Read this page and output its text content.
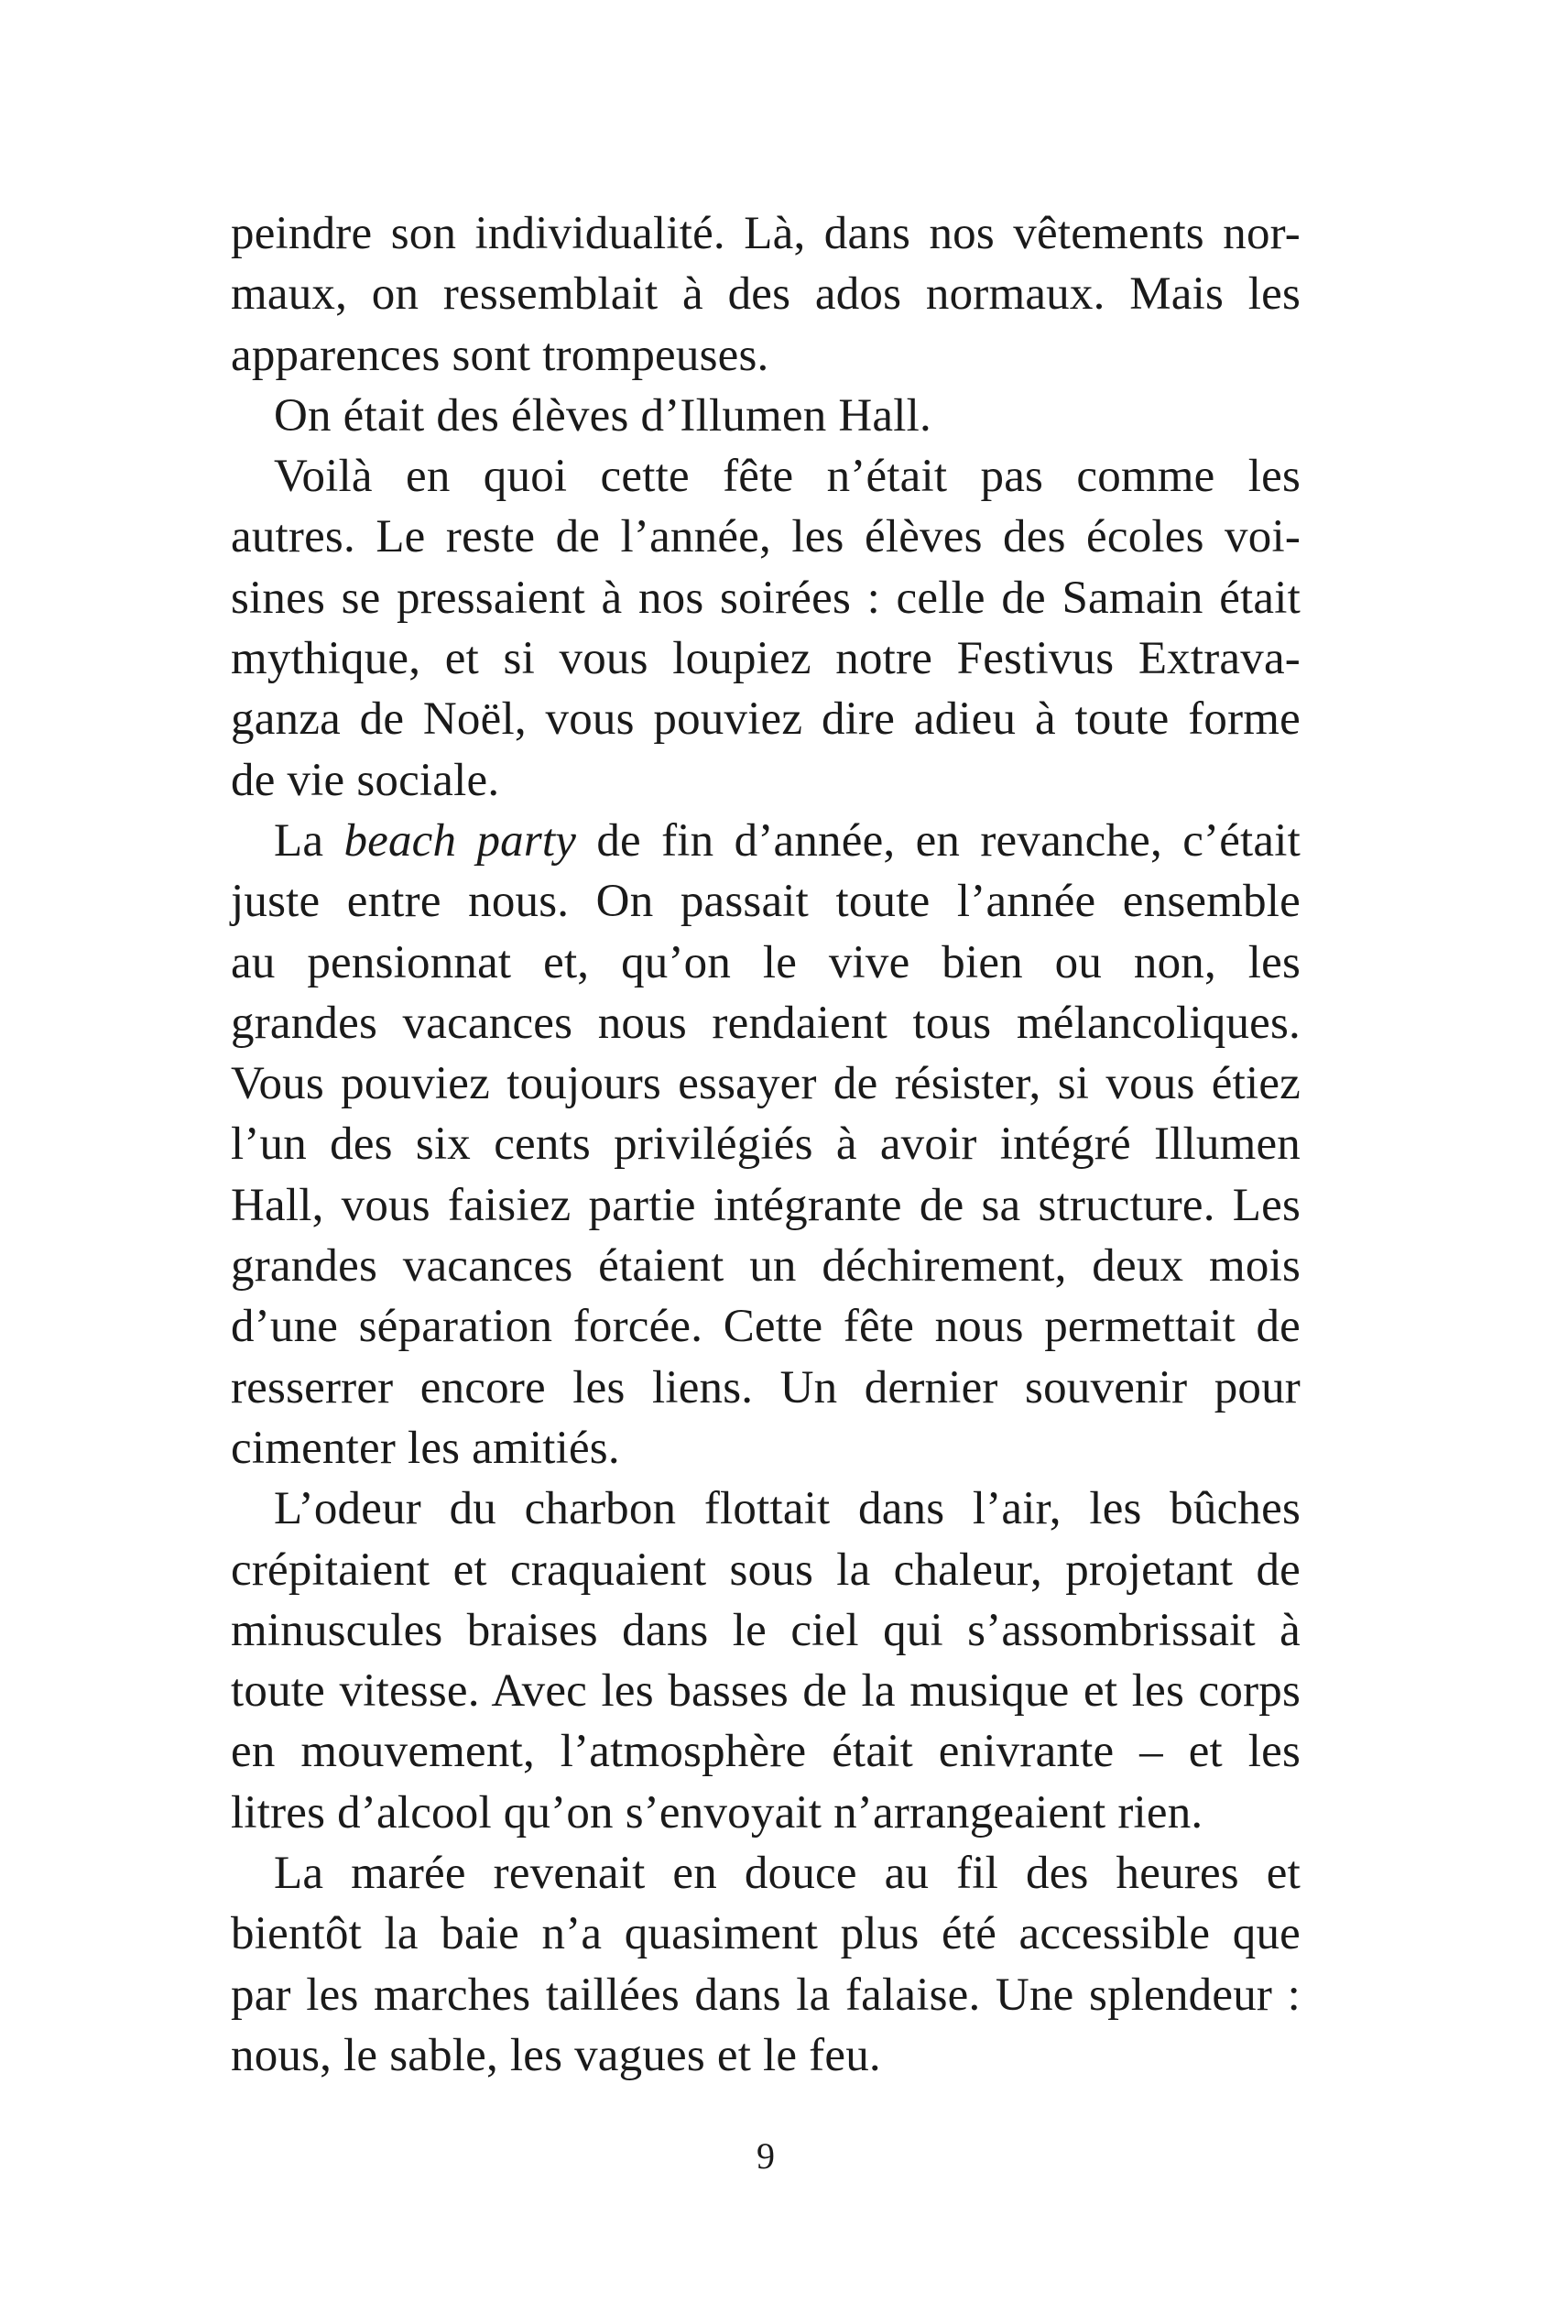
peindre son individualité. Là, dans nos vêtements nor-
maux, on ressemblait à des ados normaux. Mais les
apparences sont trompeuses.
On était des élèves d’Illumen Hall.
Voilà en quoi cette fête n’était pas comme les
autres. Le reste de l’année, les élèves des écoles voi-
sines se pressaient à nos soirées : celle de Samain était
mythique, et si vous loupiez notre Festivus Extrava-
ganza de Noël, vous pouviez dire adieu à toute forme
de vie sociale.
La beach party de fin d’année, en revanche, c’était
juste entre nous. On passait toute l’année ensemble
au pensionnat et, qu’on le vive bien ou non, les
grandes vacances nous rendaient tous mélancoliques.
Vous pouviez toujours essayer de résister, si vous étiez
l’un des six cents privilégiés à avoir intégré Illumen
Hall, vous faisiez partie intégrante de sa structure. Les
grandes vacances étaient un déchirement, deux mois
d’une séparation forcée. Cette fête nous permettait de
resserrer encore les liens. Un dernier souvenir pour
cimenter les amitiés.
L’odeur du charbon flottait dans l’air, les bûches
crépitaient et craquaient sous la chaleur, projetant de
minuscules braises dans le ciel qui s’assombrissait à
toute vitesse. Avec les basses de la musique et les corps
en mouvement, l’atmosphère était enivrante – et les
litres d’alcool qu’on s’envoyait n’arrangeaient rien.
La marée revenait en douce au fil des heures et
bientôt la baie n’a quasiment plus été accessible que
par les marches taillées dans la falaise. Une splendeur :
nous, le sable, les vagues et le feu.
9
